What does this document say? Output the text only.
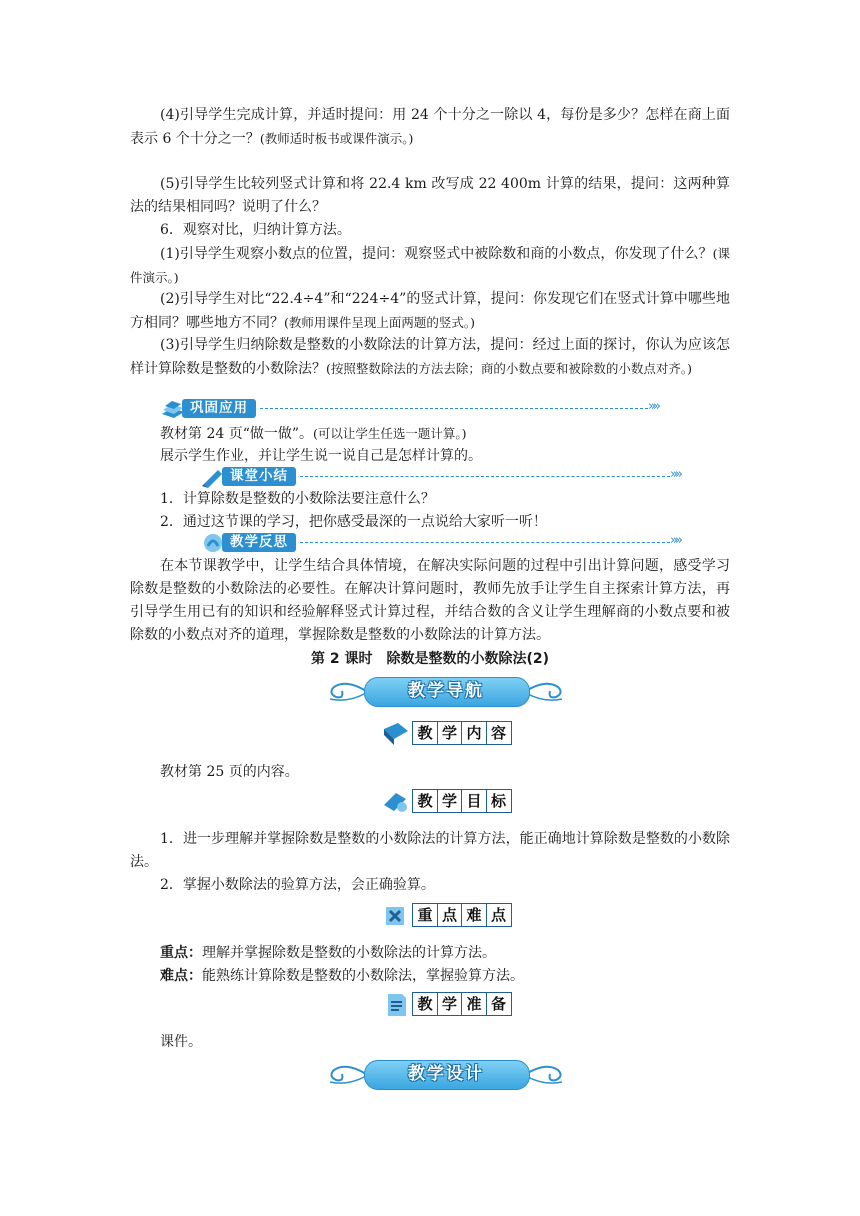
(4)引导学生完成计算，并适时提问：用 24 个十分之一除以 4，每份是多少？怎样在商上面表示 6 个十分之一？(教师适时板书或课件演示。)

(5)引导学生比较列竖式计算和将 22.4 km 改写成 22 400m 计算的结果，提问：这两种算法的结果相同吗？说明了什么？

6．观察对比，归纳计算方法。

(1)引导学生观察小数点的位置，提问：观察竖式中被除数和商的小数点，你发现了什么？(课件演示。)

(2)引导学生对比“22.4÷4”和“224÷4”的竖式计算，提问：你发现它们在竖式计算中哪些地方相同？哪些地方不同？(教师用课件呈现上面两题的竖式。)

(3)引导学生归纳除数是整数的小数除法的计算方法，提问：经过上面的探讨，你认为应该怎样计算除数是整数的小数除法？(按照整数除法的方法去除；商的小数点要和被除数的小数点对齐。)

巩固应用	»»

教材第 24 页“做一做”。(可以让学生任选一题计算。)

展示学生作业，并让学生说一说自己是怎样计算的。

课堂小结	»»

1．计算除数是整数的小数除法要注意什么？

2．通过这节课的学习，把你感受最深的一点说给大家听一听！

教学反思	»»

在本节课教学中，让学生结合具体情境，在解决实际问题的过程中引出计算问题，感受学习除数是整数的小数除法的必要性。在解决计算问题时，教师先放手让学生自主探索计算方法，再引导学生用已有的知识和经验解释竖式计算过程，并结合数的含义让学生理解商的小数点要和被除数的小数点对齐的道理，掌握除数是整数的小数除法的计算方法。

第 2 课时　除数是整数的小数除法(2)
教学导航
教 学 内 容

教材第 25 页的内容。

教 学 目 标

1．进一步理解并掌握除数是整数的小数除法的计算方法，能正确地计算除数是整数的小数除法。

2．掌握小数除法的验算方法，会正确验算。

重 点 难 点

重点：理解并掌握除数是整数的小数除法的计算方法。

难点：能熟练计算除数是整数的小数除法，掌握验算方法。

教 学 准 备

课件。

教学设计
